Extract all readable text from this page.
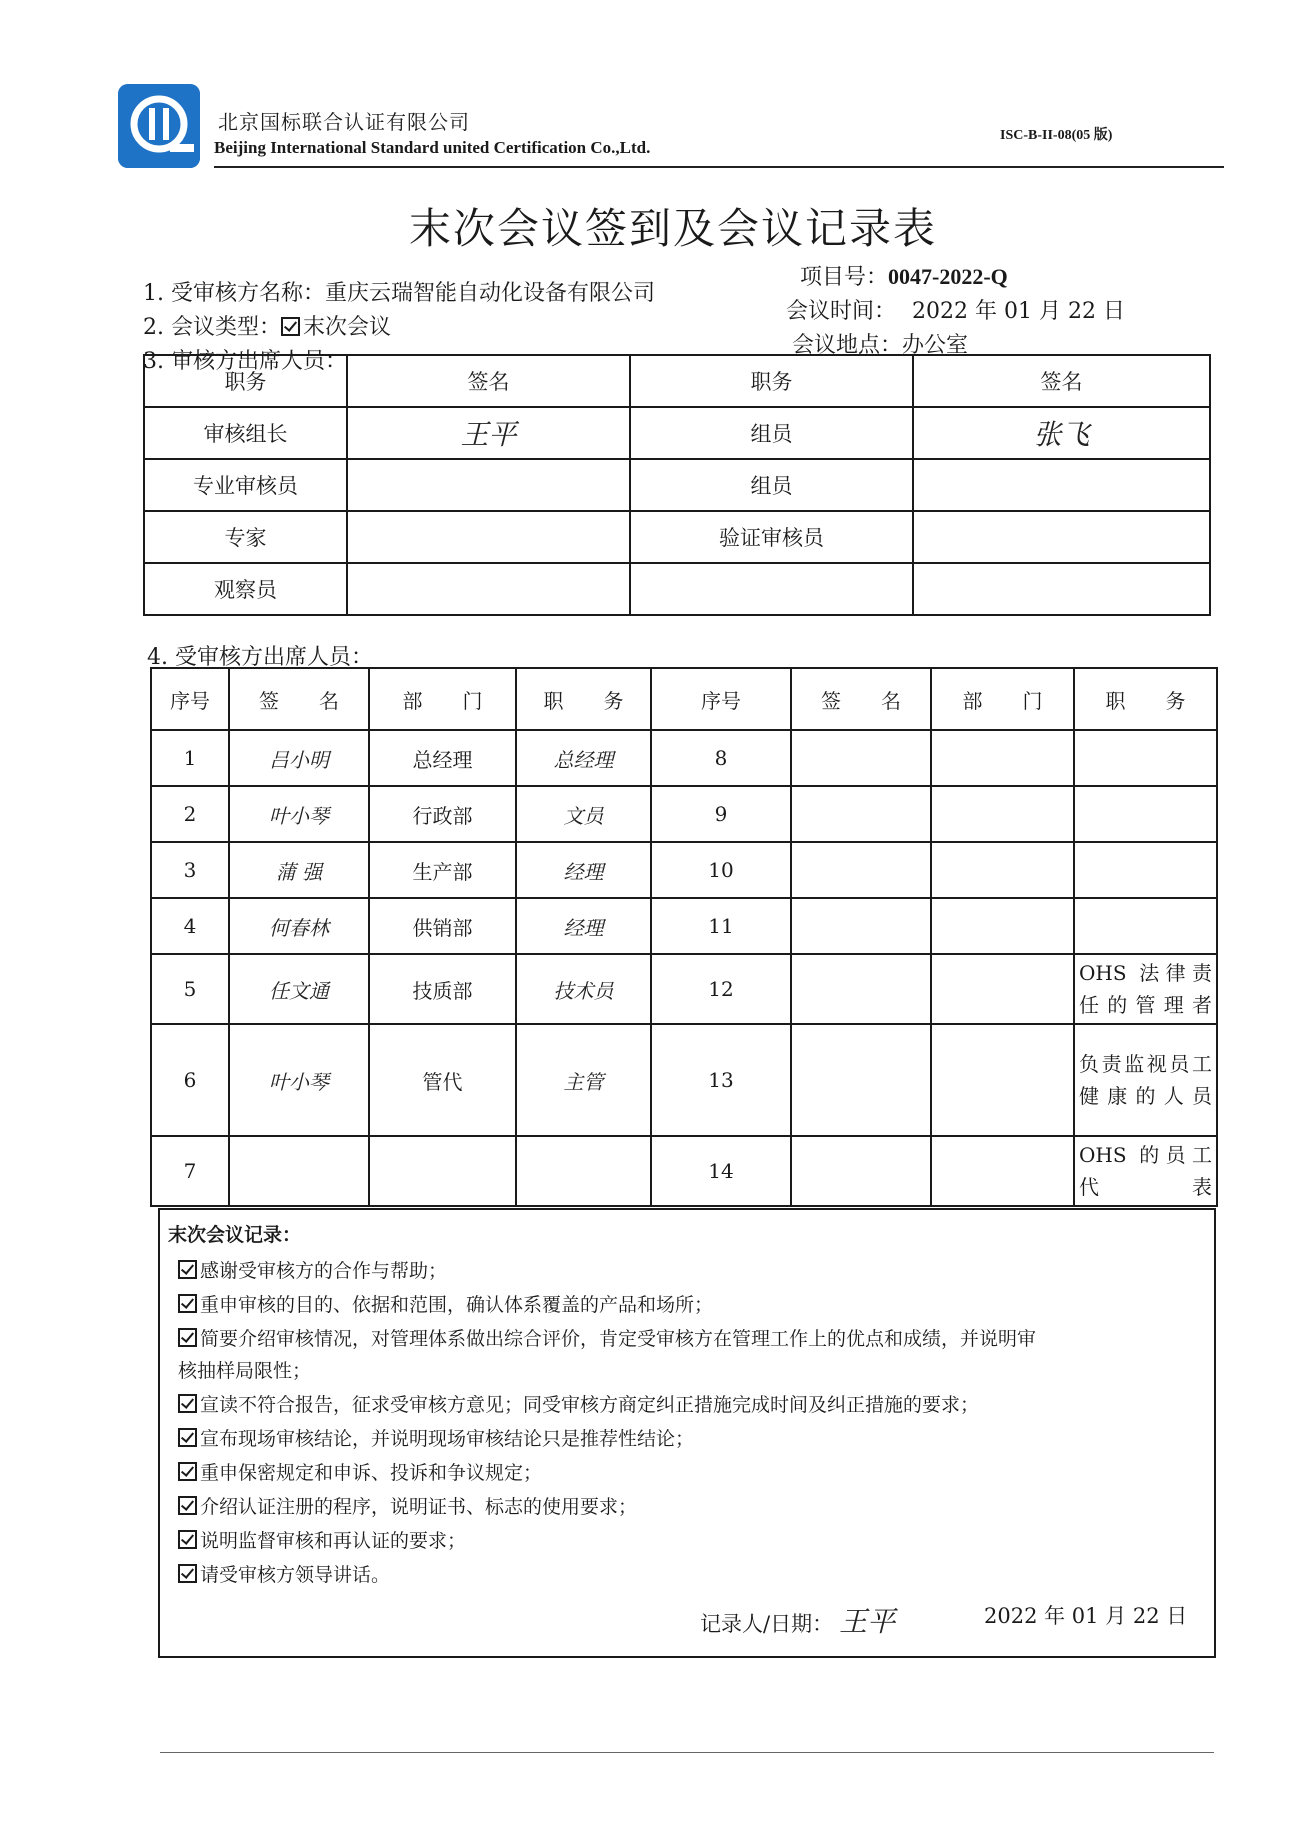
北京国标联合认证有限公司
Beijing International Standard united Certification Co.,Ltd.
ISC-B-II-08(05 版)
末次会议签到及会议记录表
1. 受审核方名称：重庆云瑞智能自动化设备有限公司
项目号：0047-2022-Q
2. 会议类型： 末次会议
会议时间： 2022 年 01 月 22 日
3. 审核方出席人员：
会议地点：办公室
职务	签名	职务	签名
审核组长	王平	组员	张飞
专业审核员		组员	
专家		验证审核员	
观察员			
4. 受审核方出席人员：
序号	签　　名	部　　门	职　　务	序号	签　　名	部　　门	职　　务
1	吕小明	总经理	总经理	8			
2	叶小琴	行政部	文员	9			
3	蒲 强	生产部	经理	10			
4	何春林	供销部	经理	11			
5	任文通	技质部	技术员	12			OHS 法律责任的管理者
6	叶小琴	管代	主管	13			负责监视员工健康的人员
7				14			OHS 的员工代表
末次会议记录：
感谢受审核方的合作与帮助；
重申审核的目的、依据和范围，确认体系覆盖的产品和场所；
简要介绍审核情况，对管理体系做出综合评价，肯定受审核方在管理工作上的优点和成绩，并说明审
核抽样局限性；
宣读不符合报告，征求受审核方意见；同受审核方商定纠正措施完成时间及纠正措施的要求；
宣布现场审核结论，并说明现场审核结论只是推荐性结论；
重申保密规定和申诉、投诉和争议规定；
介绍认证注册的程序，说明证书、标志的使用要求；
说明监督审核和再认证的要求；
请受审核方领导讲话。
记录人/日期： 王平	2022 年 01 月 22 日
